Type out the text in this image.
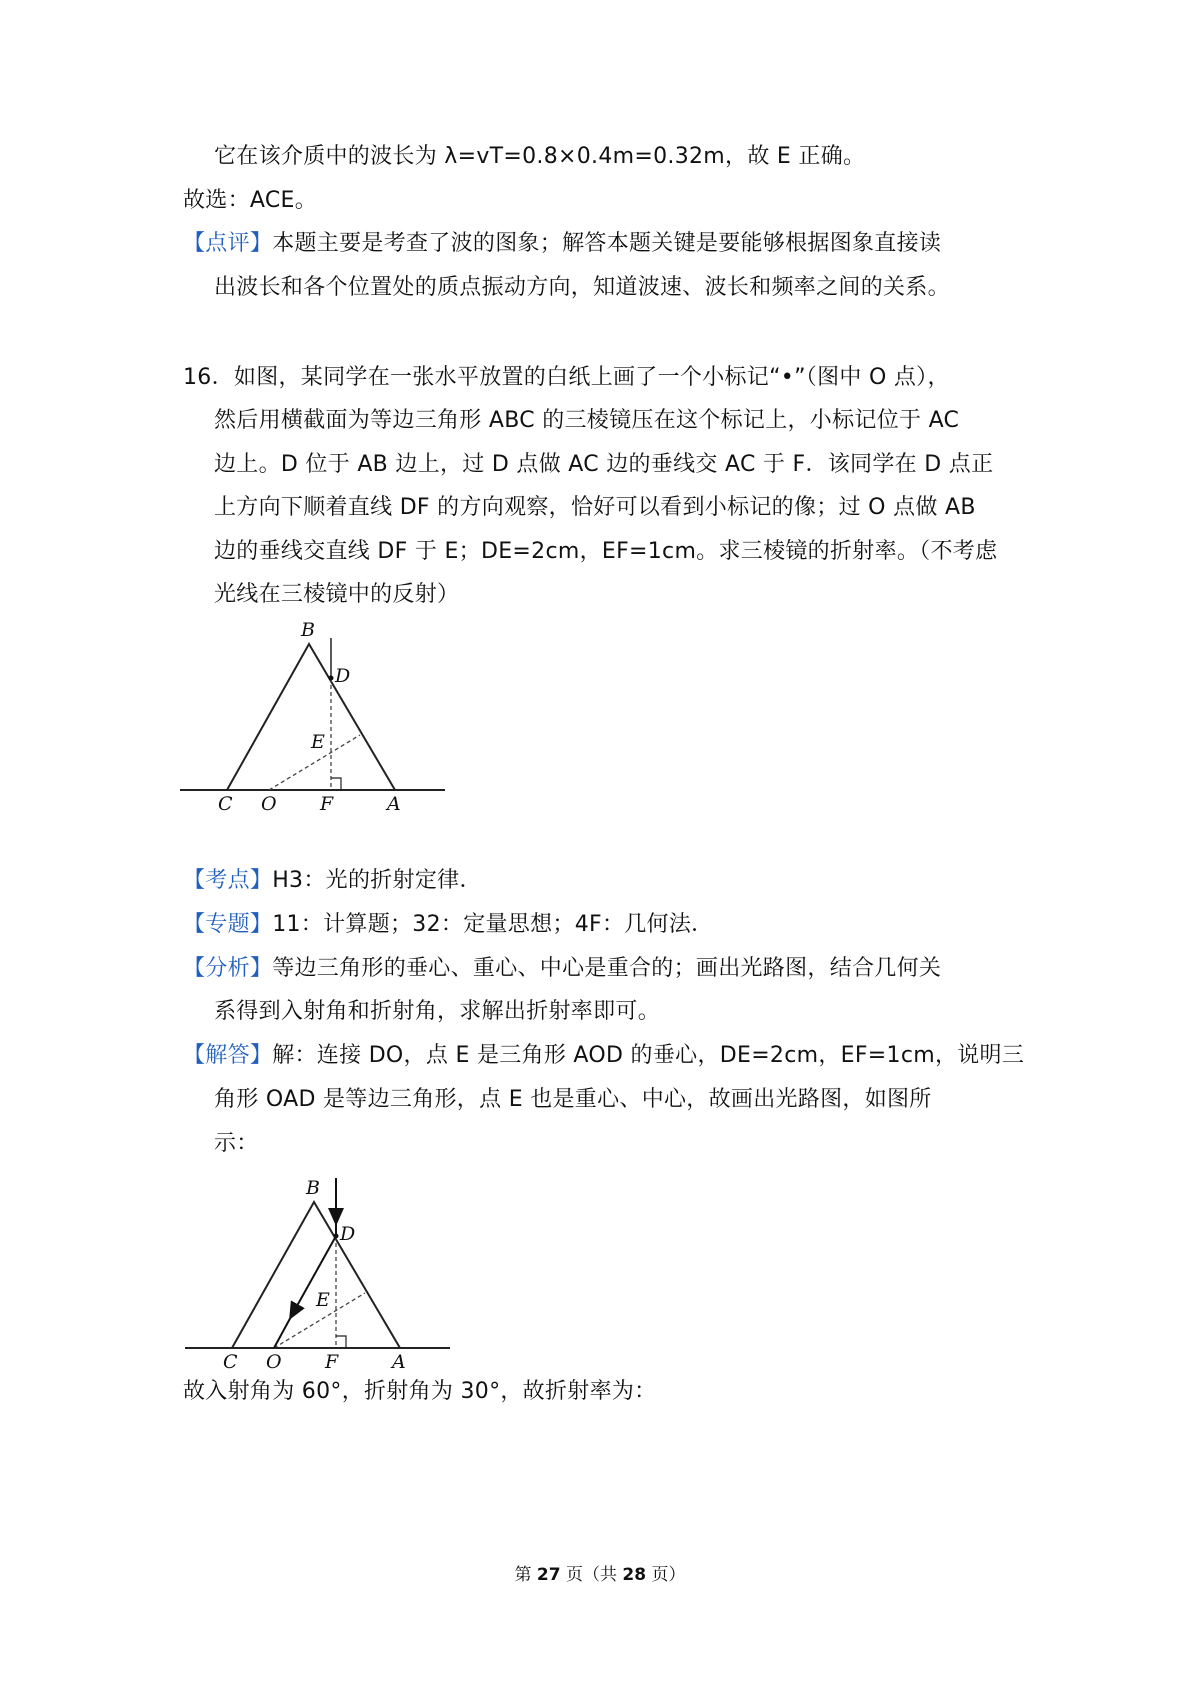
它在该介质中的波长为 λ=vT=0.8×0.4m=0.32m，故 E 正确。
故选：ACE。
【点评】本题主要是考查了波的图象；解答本题关键是要能够根据图象直接读
出波长和各个位置处的质点振动方向，知道波速、波长和频率之间的关系。
16．如图，某同学在一张水平放置的白纸上画了一个小标记“•”（图中 O 点），
然后用横截面为等边三角形 ABC 的三棱镜压在这个标记上，小标记位于 AC
边上。D 位于 AB 边上，过 D 点做 AC 边的垂线交 AC 于 F．该同学在 D 点正
上方向下顺着直线 DF 的方向观察，恰好可以看到小标记的像；过 O 点做 AB
边的垂线交直线 DF 于 E；DE=2cm，EF=1cm。求三棱镜的折射率。（不考虑
光线在三棱镜中的反射）
B
D
E
C O F	A
【考点】H3：光的折射定律．
【专题】11：计算题；32：定量思想；4F：几何法．
【分析】等边三角形的垂心、重心、中心是重合的；画出光路图，结合几何关
系得到入射角和折射角，求解出折射率即可。
【解答】解：连接 DO，点 E 是三角形 AOD 的垂心，DE=2cm，EF=1cm，说明三
角形 OAD 是等边三角形，点 E 也是重心、中心，故画出光路图，如图所
示：
B
D
E
C O F	A
故入射角为 60°，折射角为 30°，故折射率为：
第 27 页（共 28 页）
